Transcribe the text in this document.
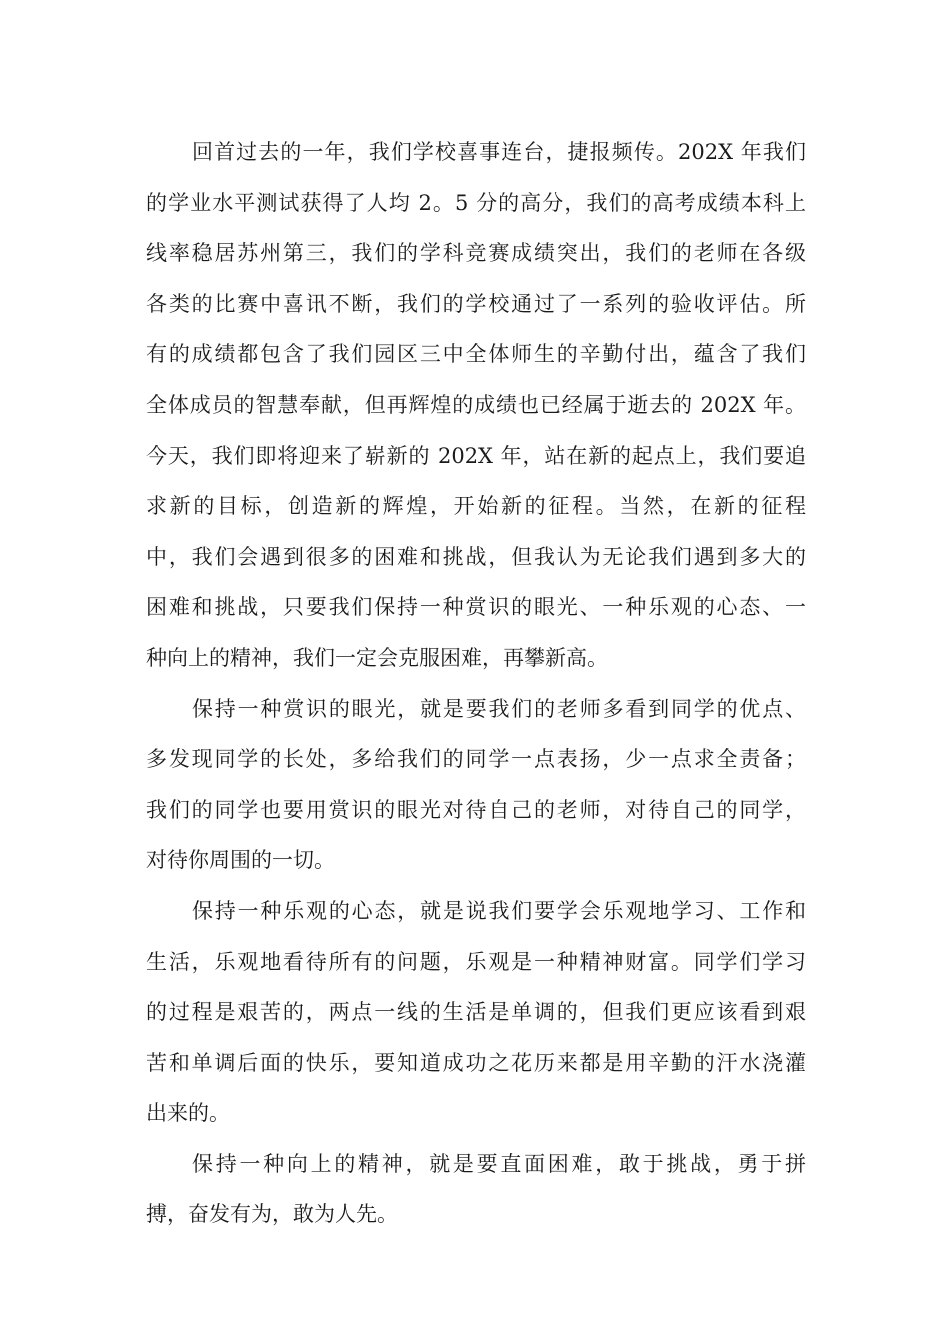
回首过去的一年，我们学校喜事连台，捷报频传。202X 年我们
的学业水平测试获得了人均 2。5 分的高分，我们的高考成绩本科上
线率稳居苏州第三，我们的学科竞赛成绩突出，我们的老师在各级
各类的比赛中喜讯不断，我们的学校通过了一系列的验收评估。所
有的成绩都包含了我们园区三中全体师生的辛勤付出，蕴含了我们
全体成员的智慧奉献，但再辉煌的成绩也已经属于逝去的 202X 年。
今天，我们即将迎来了崭新的 202X 年，站在新的起点上，我们要追
求新的目标，创造新的辉煌，开始新的征程。当然，在新的征程
中，我们会遇到很多的困难和挑战，但我认为无论我们遇到多大的
困难和挑战，只要我们保持一种赏识的眼光、一种乐观的心态、一
种向上的精神，我们一定会克服困难，再攀新高。
保持一种赏识的眼光，就是要我们的老师多看到同学的优点、
多发现同学的长处，多给我们的同学一点表扬，少一点求全责备；
我们的同学也要用赏识的眼光对待自己的老师，对待自己的同学，
对待你周围的一切。
保持一种乐观的心态，就是说我们要学会乐观地学习、工作和
生活，乐观地看待所有的问题，乐观是一种精神财富。同学们学习
的过程是艰苦的，两点一线的生活是单调的，但我们更应该看到艰
苦和单调后面的快乐，要知道成功之花历来都是用辛勤的汗水浇灌
出来的。
保持一种向上的精神，就是要直面困难，敢于挑战，勇于拼
搏，奋发有为，敢为人先。
